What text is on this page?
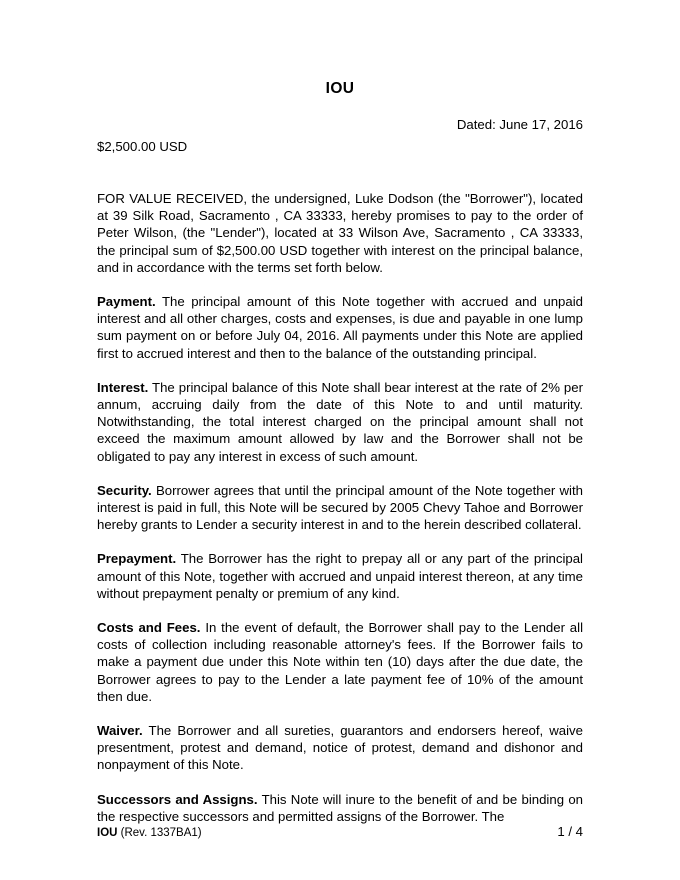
IOU
Dated: June 17, 2016
$2,500.00 USD

FOR VALUE RECEIVED, the undersigned, Luke Dodson (the "Borrower"), located at 39 Silk Road, Sacramento , CA 33333, hereby promises to pay to the order of Peter Wilson, (the "Lender"), located at 33 Wilson Ave, Sacramento , CA 33333, the principal sum of $2,500.00 USD together with interest on the principal balance, and in accordance with the terms set forth below.

Payment. The principal amount of this Note together with accrued and unpaid interest and all other charges, costs and expenses, is due and payable in one lump sum payment on or before July 04, 2016. All payments under this Note are applied first to accrued interest and then to the balance of the outstanding principal.

Interest. The principal balance of this Note shall bear interest at the rate of 2% per annum, accruing daily from the date of this Note to and until maturity. Notwithstanding, the total interest charged on the principal amount shall not exceed the maximum amount allowed by law and the Borrower shall not be obligated to pay any interest in excess of such amount.

Security. Borrower agrees that until the principal amount of the Note together with interest is paid in full, this Note will be secured by 2005 Chevy Tahoe and Borrower hereby grants to Lender a security interest in and to the herein described collateral.

Prepayment. The Borrower has the right to prepay all or any part of the principal amount of this Note, together with accrued and unpaid interest thereon, at any time without prepayment penalty or premium of any kind.

Costs and Fees. In the event of default, the Borrower shall pay to the Lender all costs of collection including reasonable attorney's fees. If the Borrower fails to make a payment due under this Note within ten (10) days after the due date, the Borrower agrees to pay to the Lender a late payment fee of 10% of the amount then due.

Waiver. The Borrower and all sureties, guarantors and endorsers hereof, waive presentment, protest and demand, notice of protest, demand and dishonor and nonpayment of this Note.

Successors and Assigns. This Note will inure to the benefit of and be binding on the respective successors and permitted assigns of the Borrower. The

IOU (Rev. 1337BA1)	1 / 4
